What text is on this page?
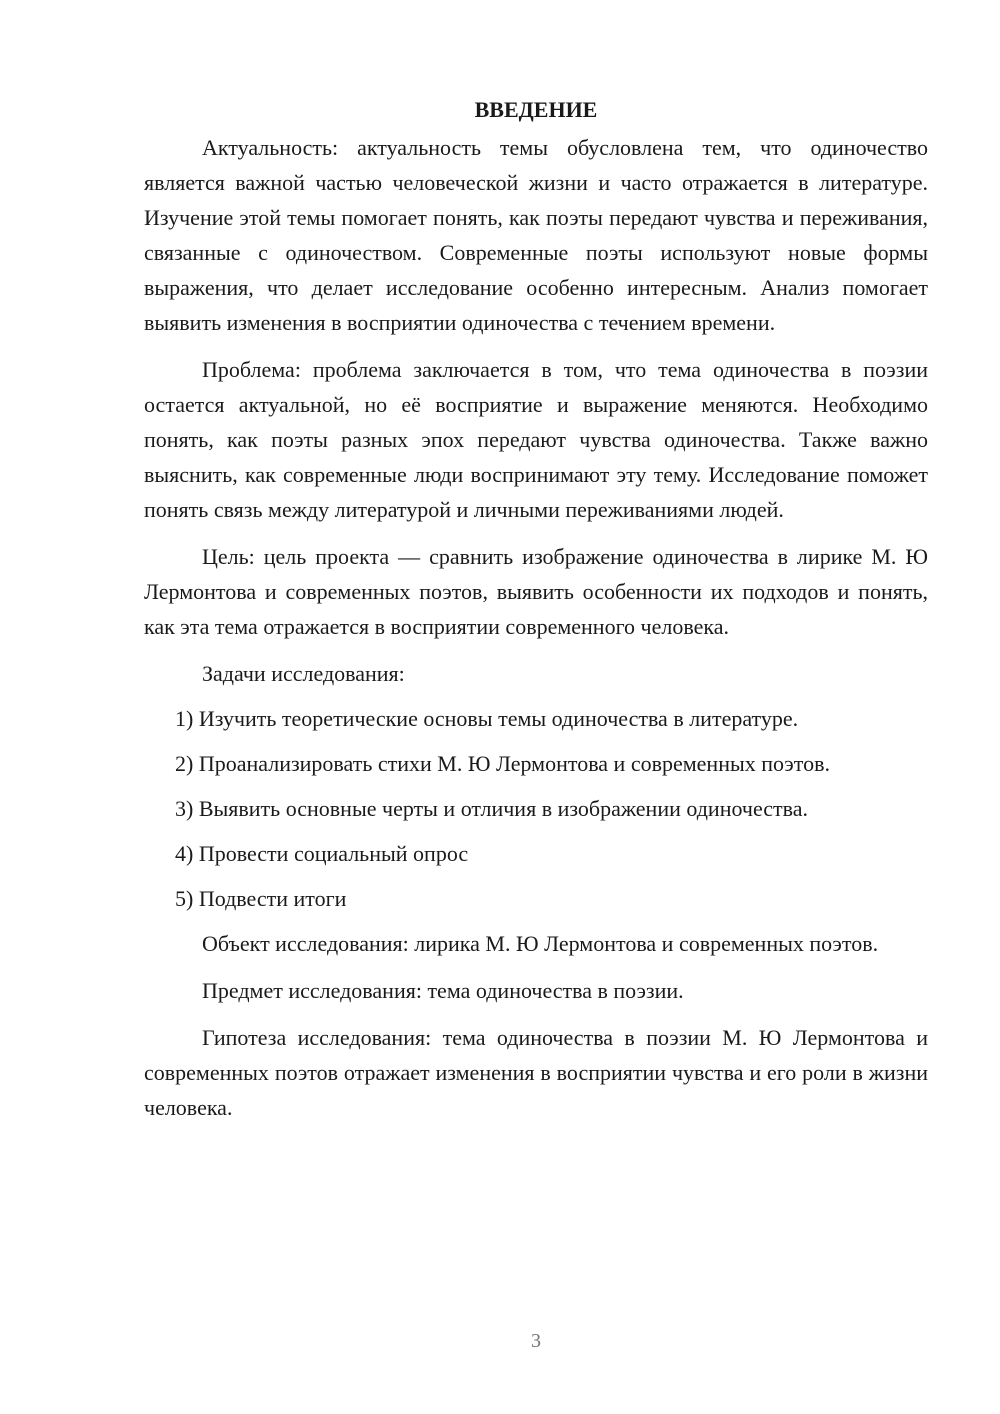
ВВЕДЕНИЕ

Актуальность: актуальность темы обусловлена тем, что одиночество является важной частью человеческой жизни и часто отражается в литературе. Изучение этой темы помогает понять, как поэты передают чувства и переживания, связанные с одиночеством. Современные поэты используют новые формы выражения, что делает исследование особенно интересным. Анализ помогает выявить изменения в восприятии одиночества с течением времени.

Проблема: проблема заключается в том, что тема одиночества в поэзии остается актуальной, но её восприятие и выражение меняются. Необходимо понять, как поэты разных эпох передают чувства одиночества. Также важно выяснить, как современные люди воспринимают эту тему. Исследование поможет понять связь между литературой и личными переживаниями людей.

Цель: цель проекта — сравнить изображение одиночества в лирике М. Ю Лермонтова и современных поэтов, выявить особенности их подходов и понять, как эта тема отражается в восприятии современного человека.

Задачи исследования:

1) Изучить теоретические основы темы одиночества в литературе.
2) Проанализировать стихи М. Ю Лермонтова и современных поэтов.
3) Выявить основные черты и отличия в изображении одиночества.
4) Провести социальный опрос
5) Подвести итоги

Объект исследования: лирика М. Ю Лермонтова и современных поэтов.

Предмет исследования: тема одиночества в поэзии.

Гипотеза исследования: тема одиночества в поэзии М. Ю Лермонтова и современных поэтов отражает изменения в восприятии чувства и его роли в жизни человека.

3
